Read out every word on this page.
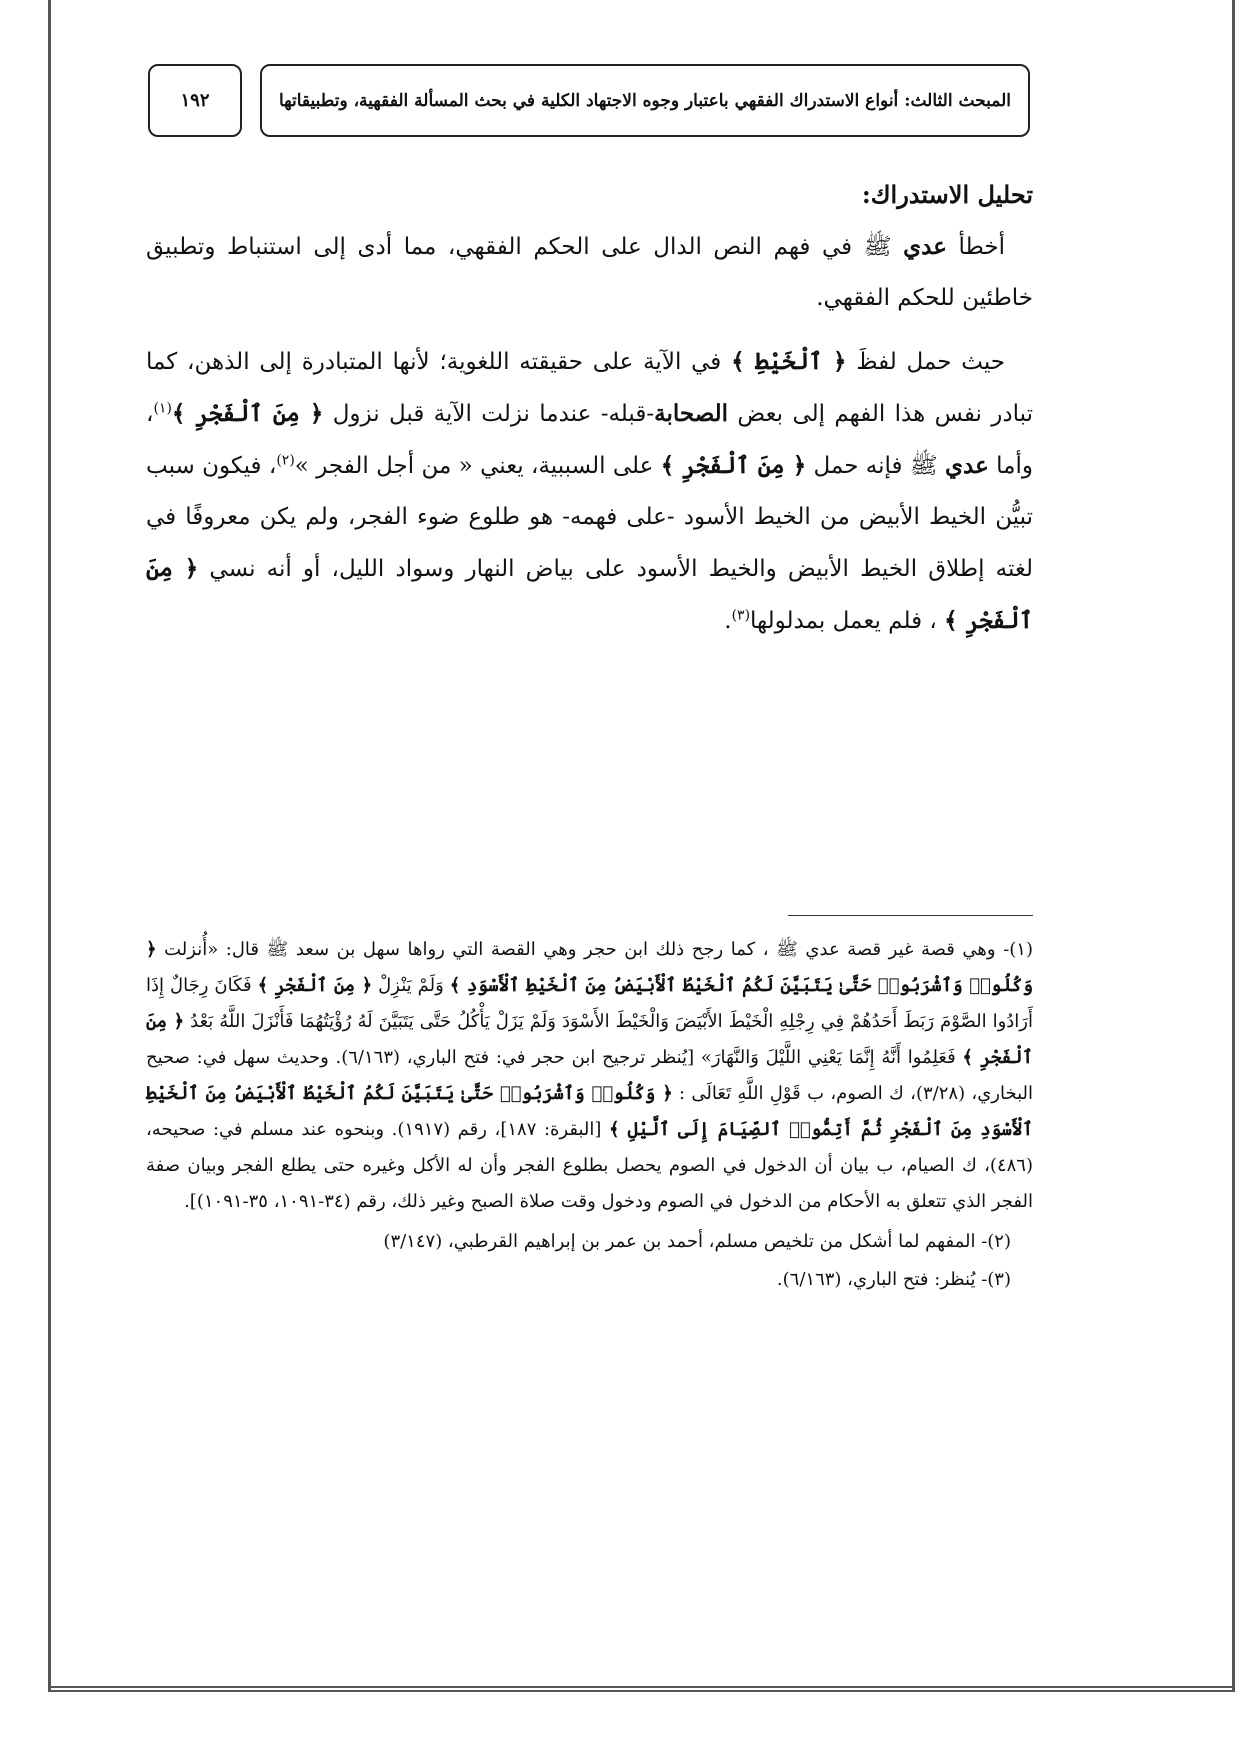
المبحث الثالث: أنواع الاستدراك الفقهي باعتبار وجوه الاجتهاد الكلية في بحث المسألة الفقهية، وتطبيقاتها
١٩٢
تحليل الاستدراك:

أخطأ عدي ﷺ في فهم النص الدال على الحكم الفقهي، مما أدى إلى استنباط وتطبيق خاطئين للحكم الفقهي.

حيث حمل لفظَ ﴿ ٱلْخَيْطِ ﴾ في الآية على حقيقته اللغوية؛ لأنها المتبادرة إلى الذهن، كما تبادر نفس هذا الفهم إلى بعض الصحابة-قبله- عندما نزلت الآية قبل نزول ﴿ مِنَ ٱلْفَجْرِ ﴾$^{(١)}$، وأما عدي ﷺ فإنه حمل ﴿ مِنَ ٱلْفَجْرِ ﴾ على السببية، يعني « من أجل الفجر »$^{(٢)}$، فيكون سبب تبيُّن الخيط الأبيض من الخيط الأسود -على فهمه- هو طلوع ضوء الفجر، ولم يكن معروفًا في لغته إطلاق الخيط الأبيض والخيط الأسود على بياض النهار وسواد الليل، أو أنه نسي ﴿ مِنَ ٱلْفَجْرِ ﴾ ، فلم يعمل بمدلولها$^{(٣)}$.

(١)- وهي قصة غير قصة عدي ﷺ ، كما رجح ذلك ابن حجر وهي القصة التي رواها سهل بن سعد ﷺ قال: «أُنزلت ﴿ وَكُلُوا۟ وَٱشْرَبُوا۟ حَتَّىٰ يَتَبَيَّنَ لَكُمُ ٱلْخَيْطُ ٱلْأَبْيَضُ مِنَ ٱلْخَيْطِ ٱلْأَسْوَدِ ﴾ وَلَمْ يَنْزِلْ ﴿ مِنَ ٱلْفَجْرِ ﴾ فَكَانَ رِجَالٌ إِذَا أَرَادُوا الصَّوْمَ رَبَطَ أَحَدُهُمْ فِي رِجْلِهِ الْخَيْطَ الأَبْيَضَ وَالْخَيْطَ الأَسْوَدَ وَلَمْ يَزَلْ يَأْكُلُ حَتَّى يَتَبَيَّنَ لَهُ رُؤْيَتُهُمَا فَأَنْزَلَ اللَّهُ بَعْدُ ﴿ مِنَ ٱلْفَجْرِ ﴾ فَعَلِمُوا أَنَّهُ إِنَّمَا يَعْنِي اللَّيْلَ وَالنَّهَارَ» [يُنظر ترجيح ابن حجر في: فتح الباري، (٦/١٦٣). وحديث سهل في: صحيح البخاري، (٣/٢٨)، ك الصوم، ب قَوْلِ اللَّهِ تَعَالَى : ﴿ وَكُلُوا۟ وَٱشْرَبُوا۟ حَتَّىٰ يَتَبَيَّنَ لَكُمُ ٱلْخَيْطُ ٱلْأَبْيَضُ مِنَ ٱلْخَيْطِ ٱلْأَسْوَدِ مِنَ ٱلْفَجْرِ ثُمَّ أَتِمُّوا۟ ٱلصِّيَامَ إِلَى ٱلَّيْلِ ﴾ [البقرة: ١٨٧]، رقم (١٩١٧). وبنحوه عند مسلم في: صحيحه، (٤٨٦)، ك الصيام، ب بيان أن الدخول في الصوم يحصل بطلوع الفجر وأن له الأكل وغيره حتى يطلع الفجر وبيان صفة الفجر الذي تتعلق به الأحكام من الدخول في الصوم ودخول وقت صلاة الصبح وغير ذلك، رقم (٣٤-١٠٩١، ٣٥-١٠٩١)].

(٢)- المفهم لما أشكل من تلخيص مسلم، أحمد بن عمر بن إبراهيم القرطبي، (٣/١٤٧)

(٣)- يُنظر: فتح الباري، (٦/١٦٣).
